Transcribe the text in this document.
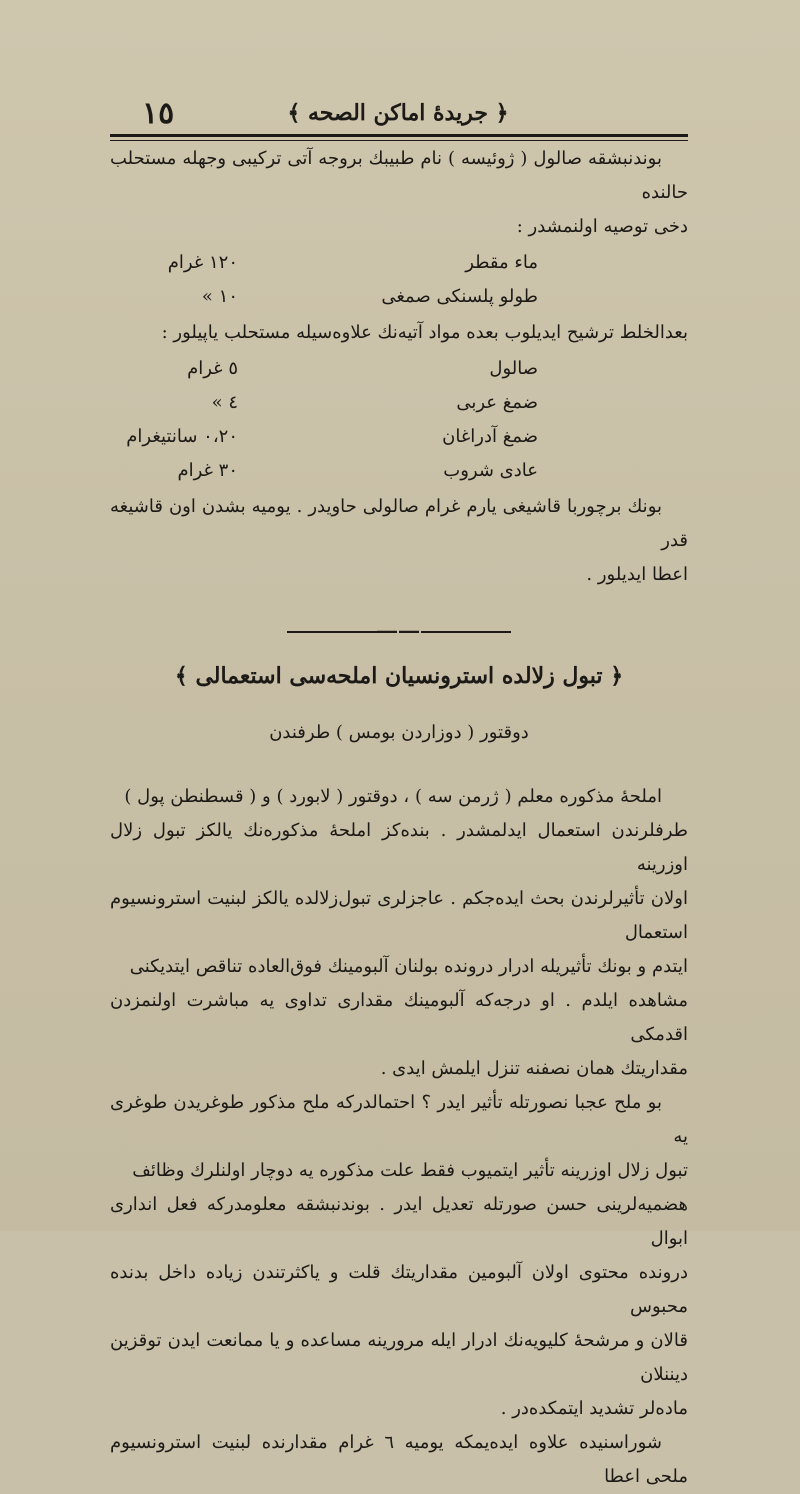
١٥	﴿ جريدهٔ اماکن الصحه ﴾

بوندنبشقه صالول ( ژوئيسه ) نام طبيبك بروجه آتى تركيبى وجهله مستحلب حالنده

دخى توصيه اولنمشدر :

ماء مقطر	١٢٠ غرام
طولو پلسنكى صمغى	١٠ »

بعدالخلط ترشيح ايديلوب بعده مواد آتيه‌نك علاوه‌سيله مستحلب ياپيلور :

صالول	٥ غرام
ضمغ عربى	٤ »
ضمغ آدراغان	٠،٢٠ سانتيغرام
عادى شروب	٣٠ غرام

بونك برچوربا قاشيغى يارم غرام صالولى حاويدر . يوميه بشدن اون قاشيغه قدر

اعطا ايديلور .

――
﴿ تبول زلالده استرونسيان املحه‌سى استعمالى ﴾
دوقتور ( دوزاردن بومس ) طرفندن

املحهٔ مذكوره معلم ( ژرمن سه ) ، دوقتور ( لابورد ) و ( قسطنطن پول )

طرفلرندن استعمال ايدلمشدر . بنده‌كز املحهٔ مذكوره‌نك يالكز تبول زلال اوزرينه

اولان تأثيرلرندن بحث ايده‌جكم . عاجزلرى تبول‌زلالده يالكز لبنيت استرونسيوم استعمال

ايتدم و بونك تأثيريله ادرار درونده بولنان آلبومينك فوق‌العاده تناقص ايتديكنى

مشاهده ايلدم . او درجه‌كه آلبومينك مقدارى تداوى يه مباشرت اولنمزدن اقدمكى

مقداريتك همان نصفنه تنزل ايلمش ايدى .

بو ملح عجبا نصورتله تأثير ايدر ؟ احتمالدركه ملح مذكور طوغريدن طوغرى يه

تبول زلال اوزرينه تأثير ايتميوب فقط علت مذكوره يه دوچار اولنلرك وظائف

هضميه‌لرينى حسن صورتله تعديل ايدر . بوندنبشقه معلومدركه فعل اندارى ابوال

درونده محتوى اولان آلبومين مقداريتك قلت و ياكثرتندن زياده داخل بدنده محبوس

قالان و مرشحهٔ كليويه‌نك ادرار ايله مرورينه مساعده و يا ممانعت ايدن توقزين ديننلان

ماده‌لر تشديد ايتمكده‌در .

شوراسنيده علاوه ايده‌يمكه يوميه ٦ غرام مقدارنده لبنيت استرونسيوم ملحى اعطا
